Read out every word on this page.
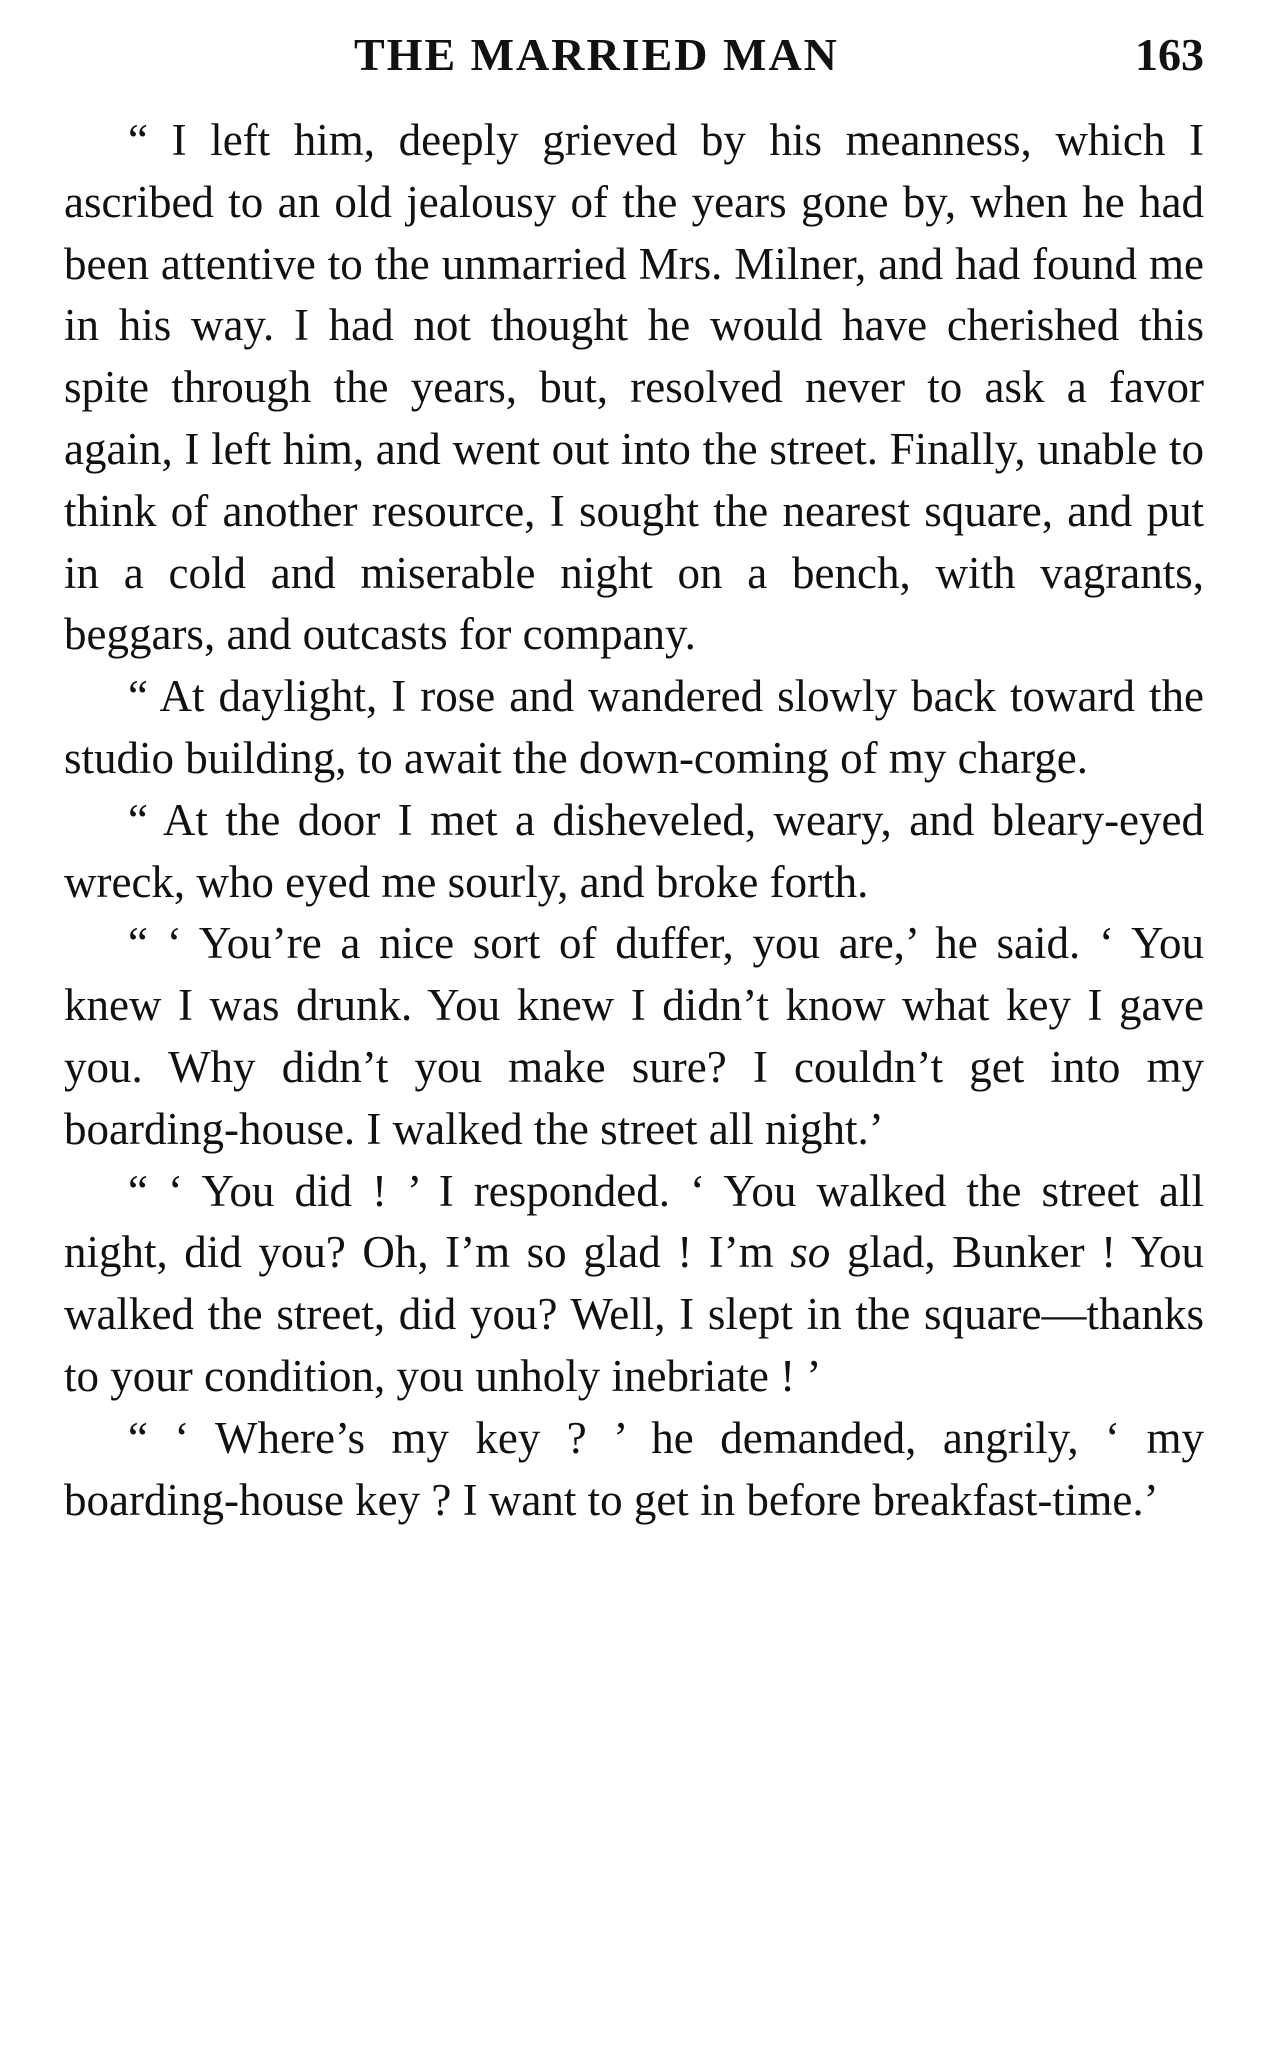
THE MARRIED MAN	163

“ I left him, deeply grieved by his meanness, which I ascribed to an old jealousy of the years gone by, when he had been attentive to the unmarried Mrs. Milner, and had found me in his way. I had not thought he would have cherished this spite through the years, but, resolved never to ask a favor again, I left him, and went out into the street. Finally, unable to think of another resource, I sought the nearest square, and put in a cold and miserable night on a bench, with vagrants, beggars, and outcasts for company.

“ At daylight, I rose and wandered slowly back toward the studio building, to await the down-coming of my charge.

“ At the door I met a disheveled, weary, and bleary-eyed wreck, who eyed me sourly, and broke forth.

“ ‘ You’re a nice sort of duffer, you are,’ he said. ‘ You knew I was drunk. You knew I didn’t know what key I gave you. Why didn’t you make sure? I couldn’t get into my boarding-house. I walked the street all night.’

“ ‘ You did ! ’ I responded. ‘ You walked the street all night, did you? Oh, I’m so glad ! I’m so glad, Bunker ! You walked the street, did you? Well, I slept in the square—thanks to your condition, you unholy inebriate ! ’

“ ‘ Where’s my key ? ’ he demanded, angrily, ‘ my boarding-house key ? I want to get in before breakfast-time.’
